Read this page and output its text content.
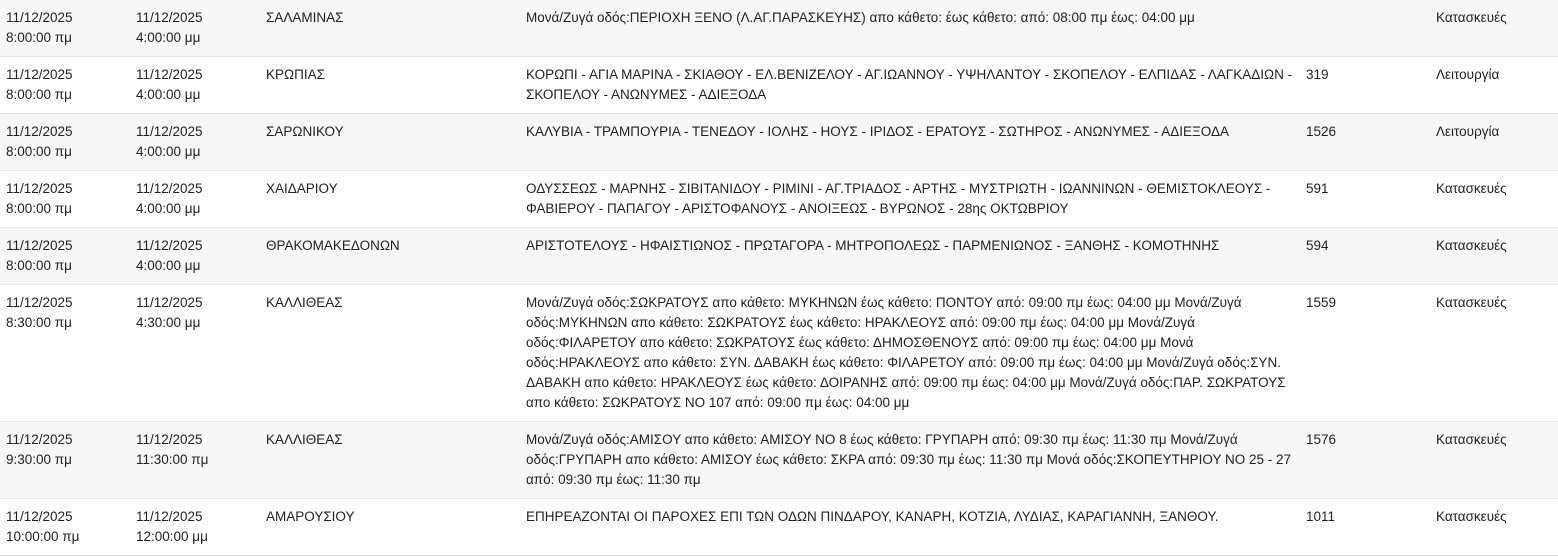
11/12/2025
8:00:00 πμ	11/12/2025
4:00:00 μμ	ΣΑΛΑΜΙΝΑΣ	Μονά/Ζυγά οδός:ΠΕΡΙΟΧΗ ΞΕΝΟ (Λ.ΑΓ.ΠΑΡΑΣΚΕΥΗΣ) απο κάθετο: έως κάθετο: από: 08:00 πμ έως: 04:00 μμ		Κατασκευές

11/12/2025
8:00:00 πμ	11/12/2025
4:00:00 μμ	ΚΡΩΠΙΑΣ	ΚΟΡΩΠΙ - ΑΓΙΑ ΜΑΡΙΝΑ - ΣΚΙΑΘΟΥ - ΕΛ.ΒΕΝΙΖΕΛΟΥ - ΑΓ.ΙΩΑΝΝΟΥ - ΥΨΗΛΑΝΤΟΥ - ΣΚΟΠΕΛΟΥ - ΕΛΠΙΔΑΣ - ΛΑΓΚΑΔΙΩΝ - ΣΚΟΠΕΛΟΥ - ΑΝΩΝΥΜΕΣ - ΑΔΙΕΞΟΔΑ	319	Λειτουργία

11/12/2025
8:00:00 πμ	11/12/2025
4:00:00 μμ	ΣΑΡΩΝΙΚΟΥ	ΚΑΛΥΒΙΑ - ΤΡΑΜΠΟΥΡΙΑ - ΤΕΝΕΔΟΥ - ΙΟΛΗΣ - ΗΟΥΣ - ΙΡΙΔΟΣ - ΕΡΑΤΟΥΣ - ΣΩΤΗΡΟΣ - ΑΝΩΝΥΜΕΣ - ΑΔΙΕΞΟΔΑ	1526	Λειτουργία

11/12/2025
8:00:00 πμ	11/12/2025
4:00:00 μμ	ΧΑΙΔΑΡΙΟΥ	ΟΔΥΣΣΕΩΣ - ΜΑΡΝΗΣ - ΣΙΒΙΤΑΝΙΔΟΥ - ΡΙΜΙΝΙ - ΑΓ.ΤΡΙΑΔΟΣ - ΑΡΤΗΣ - ΜΥΣΤΡΙΩΤΗ - ΙΩΑΝΝΙΝΩΝ - ΘΕΜΙΣΤΟΚΛΕΟΥΣ - ΦΑΒΙΕΡΟΥ - ΠΑΠΑΓΟΥ - ΑΡΙΣΤΟΦΑΝΟΥΣ - ΑΝΟΙΞΕΩΣ - ΒΥΡΩΝΟΣ - 28ης ΟΚΤΩΒΡΙΟΥ	591	Κατασκευές

11/12/2025
8:00:00 πμ	11/12/2025
4:00:00 μμ	ΘΡΑΚΟΜΑΚΕΔΟΝΩΝ	ΑΡΙΣΤΟΤΕΛΟΥΣ - ΗΦΑΙΣΤΙΩΝΟΣ - ΠΡΩΤΑΓΟΡΑ - ΜΗΤΡΟΠΟΛΕΩΣ - ΠΑΡΜΕΝΙΩΝΟΣ - ΞΑΝΘΗΣ - ΚΟΜΟΤΗΝΗΣ	594	Κατασκευές

11/12/2025
8:30:00 πμ	11/12/2025
4:30:00 μμ	ΚΑΛΛΙΘΕΑΣ	Μονά/Ζυγά οδός:ΣΩΚΡΑΤΟΥΣ απο κάθετο: ΜΥΚΗΝΩΝ έως κάθετο: ΠΟΝΤΟΥ από: 09:00 πμ έως: 04:00 μμ Μονά/Ζυγά οδός:ΜΥΚΗΝΩΝ απο κάθετο: ΣΩΚΡΑΤΟΥΣ έως κάθετο: ΗΡΑΚΛΕΟΥΣ από: 09:00 πμ έως: 04:00 μμ Μονά/Ζυγά οδός:ΦΙΛΑΡΕΤΟΥ απο κάθετο: ΣΩΚΡΑΤΟΥΣ έως κάθετο: ΔΗΜΟΣΘΕΝΟΥΣ από: 09:00 πμ έως: 04:00 μμ Μονά οδός:ΗΡΑΚΛΕΟΥΣ απο κάθετο: ΣΥΝ. ΔΑΒΑΚΗ έως κάθετο: ΦΙΛΑΡΕΤΟΥ από: 09:00 πμ έως: 04:00 μμ Μονά/Ζυγά οδός:ΣΥΝ. ΔΑΒΑΚΗ απο κάθετο: ΗΡΑΚΛΕΟΥΣ έως κάθετο: ΔΟΙΡΑΝΗΣ από: 09:00 πμ έως: 04:00 μμ Μονά/Ζυγά οδός:ΠΑΡ. ΣΩΚΡΑΤΟΥΣ απο κάθετο: ΣΩΚΡΑΤΟΥΣ ΝΟ 107 από: 09:00 πμ έως: 04:00 μμ	1559	Κατασκευές

11/12/2025
9:30:00 πμ	11/12/2025
11:30:00 πμ	ΚΑΛΛΙΘΕΑΣ	Μονά/Ζυγά οδός:ΑΜΙΣΟΥ απο κάθετο: ΑΜΙΣΟΥ ΝΟ 8 έως κάθετο: ΓΡΥΠΑΡΗ από: 09:30 πμ έως: 11:30 πμ Μονά/Ζυγά οδός:ΓΡΥΠΑΡΗ απο κάθετο: ΑΜΙΣΟΥ έως κάθετο: ΣΚΡΑ από: 09:30 πμ έως: 11:30 πμ Μονά οδός:ΣΚΟΠΕΥΤΗΡΙΟΥ ΝΟ 25 - 27 από: 09:30 πμ έως: 11:30 πμ	1576	Κατασκευές

11/12/2025
10:00:00 πμ	11/12/2025
12:00:00 μμ	ΑΜΑΡΟΥΣΙΟΥ	ΕΠΗΡΕΑΖΟΝΤΑΙ ΟΙ ΠΑΡΟΧΕΣ ΕΠΙ ΤΩΝ ΟΔΩΝ ΠΙΝΔΑΡΟΥ, ΚΑΝΑΡΗ, ΚΟΤΖΙΑ, ΛΥΔΙΑΣ, ΚΑΡΑΓΙΑΝΝΗ, ΞΑΝΘΟΥ.	1011	Κατασκευές
